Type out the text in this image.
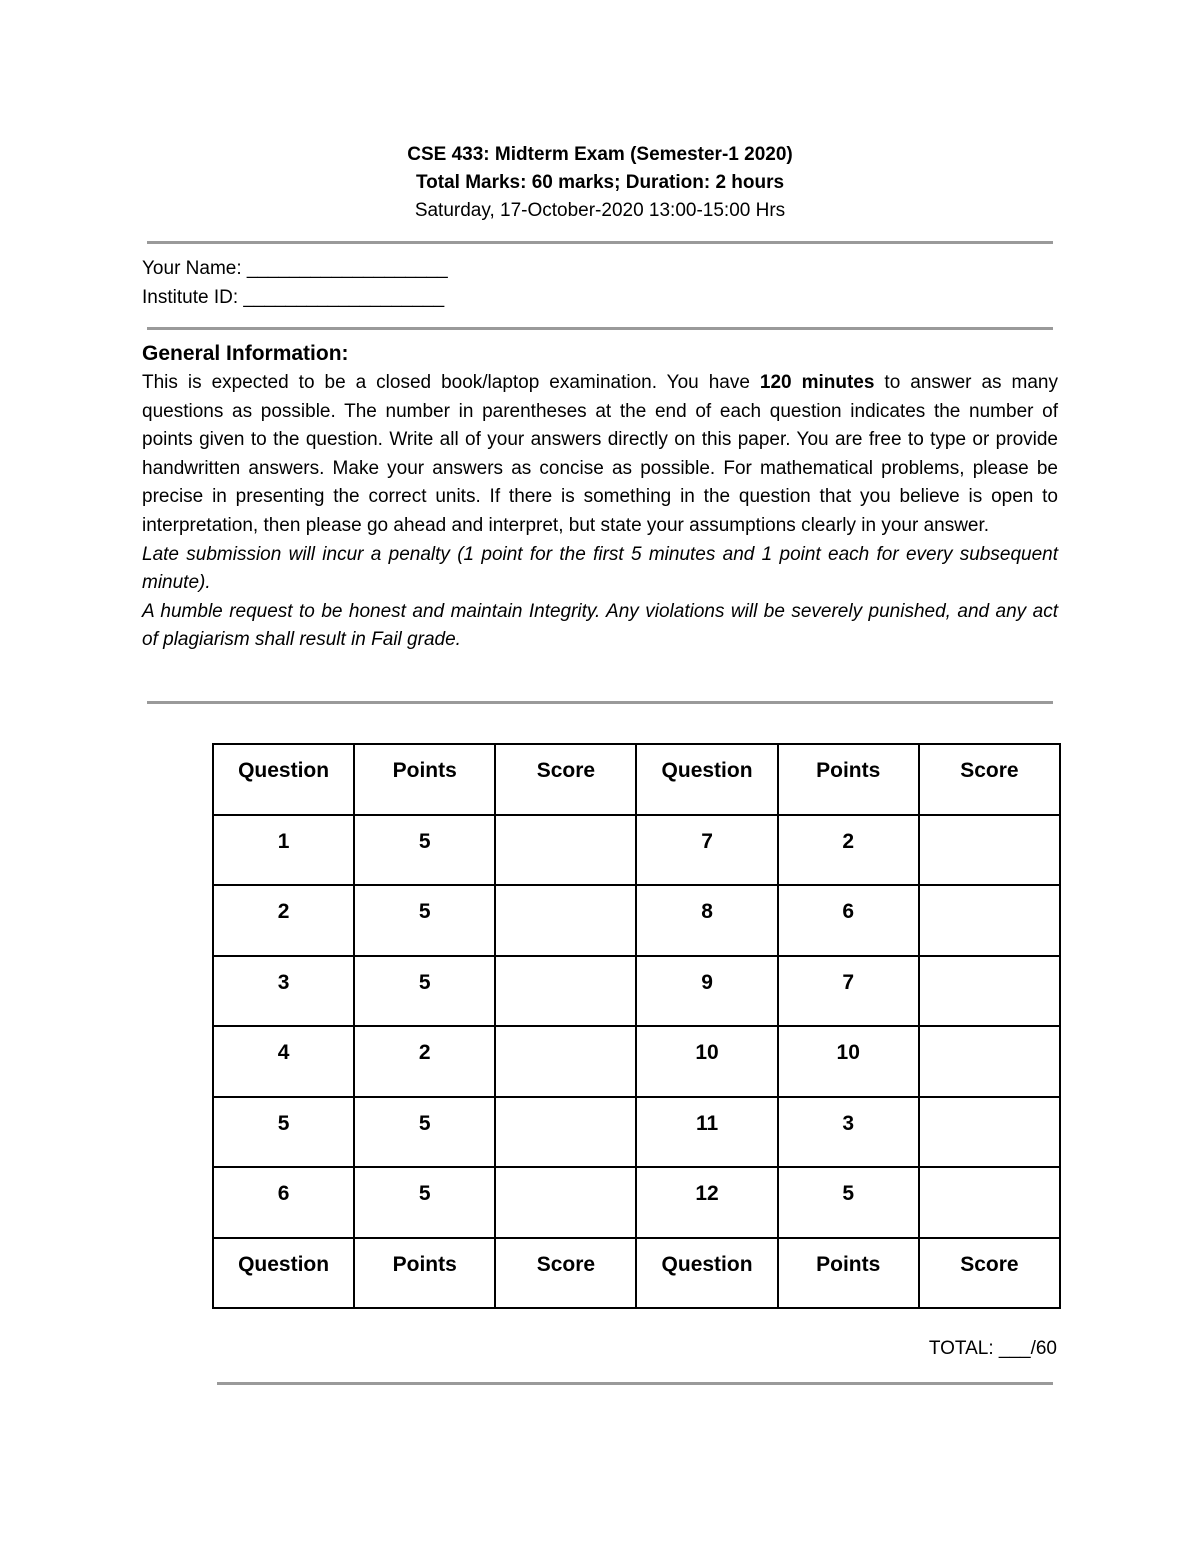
CSE 433: Midterm Exam (Semester-1 2020)
Total Marks: 60 marks; Duration: 2 hours
Saturday, 17-October-2020 13:00-15:00 Hrs
Your Name: ___________________
Institute ID: ___________________
General Information:

This is expected to be a closed book/laptop examination. You have 120 minutes to answer as many questions as possible. The number in parentheses at the end of each question indicates the number of points given to the question. Write all of your answers directly on this paper. You are free to type or provide handwritten answers. Make your answers as concise as possible. For mathematical problems, please be precise in presenting the correct units. If there is something in the question that you believe is open to interpretation, then please go ahead and interpret, but state your assumptions clearly in your answer.

Late submission will incur a penalty (1 point for the first 5 minutes and 1 point each for every subsequent minute).

A humble request to be honest and maintain Integrity. Any violations will be severely punished, and any act of plagiarism shall result in Fail grade.

Question	Points	Score	Question	Points	Score
1	5		7	2	
2	5		8	6	
3	5		9	7	
4	2		10	10	
5	5		11	3	
6	5		12	5	
Question	Points	Score	Question	Points	Score
TOTAL: ___/60
